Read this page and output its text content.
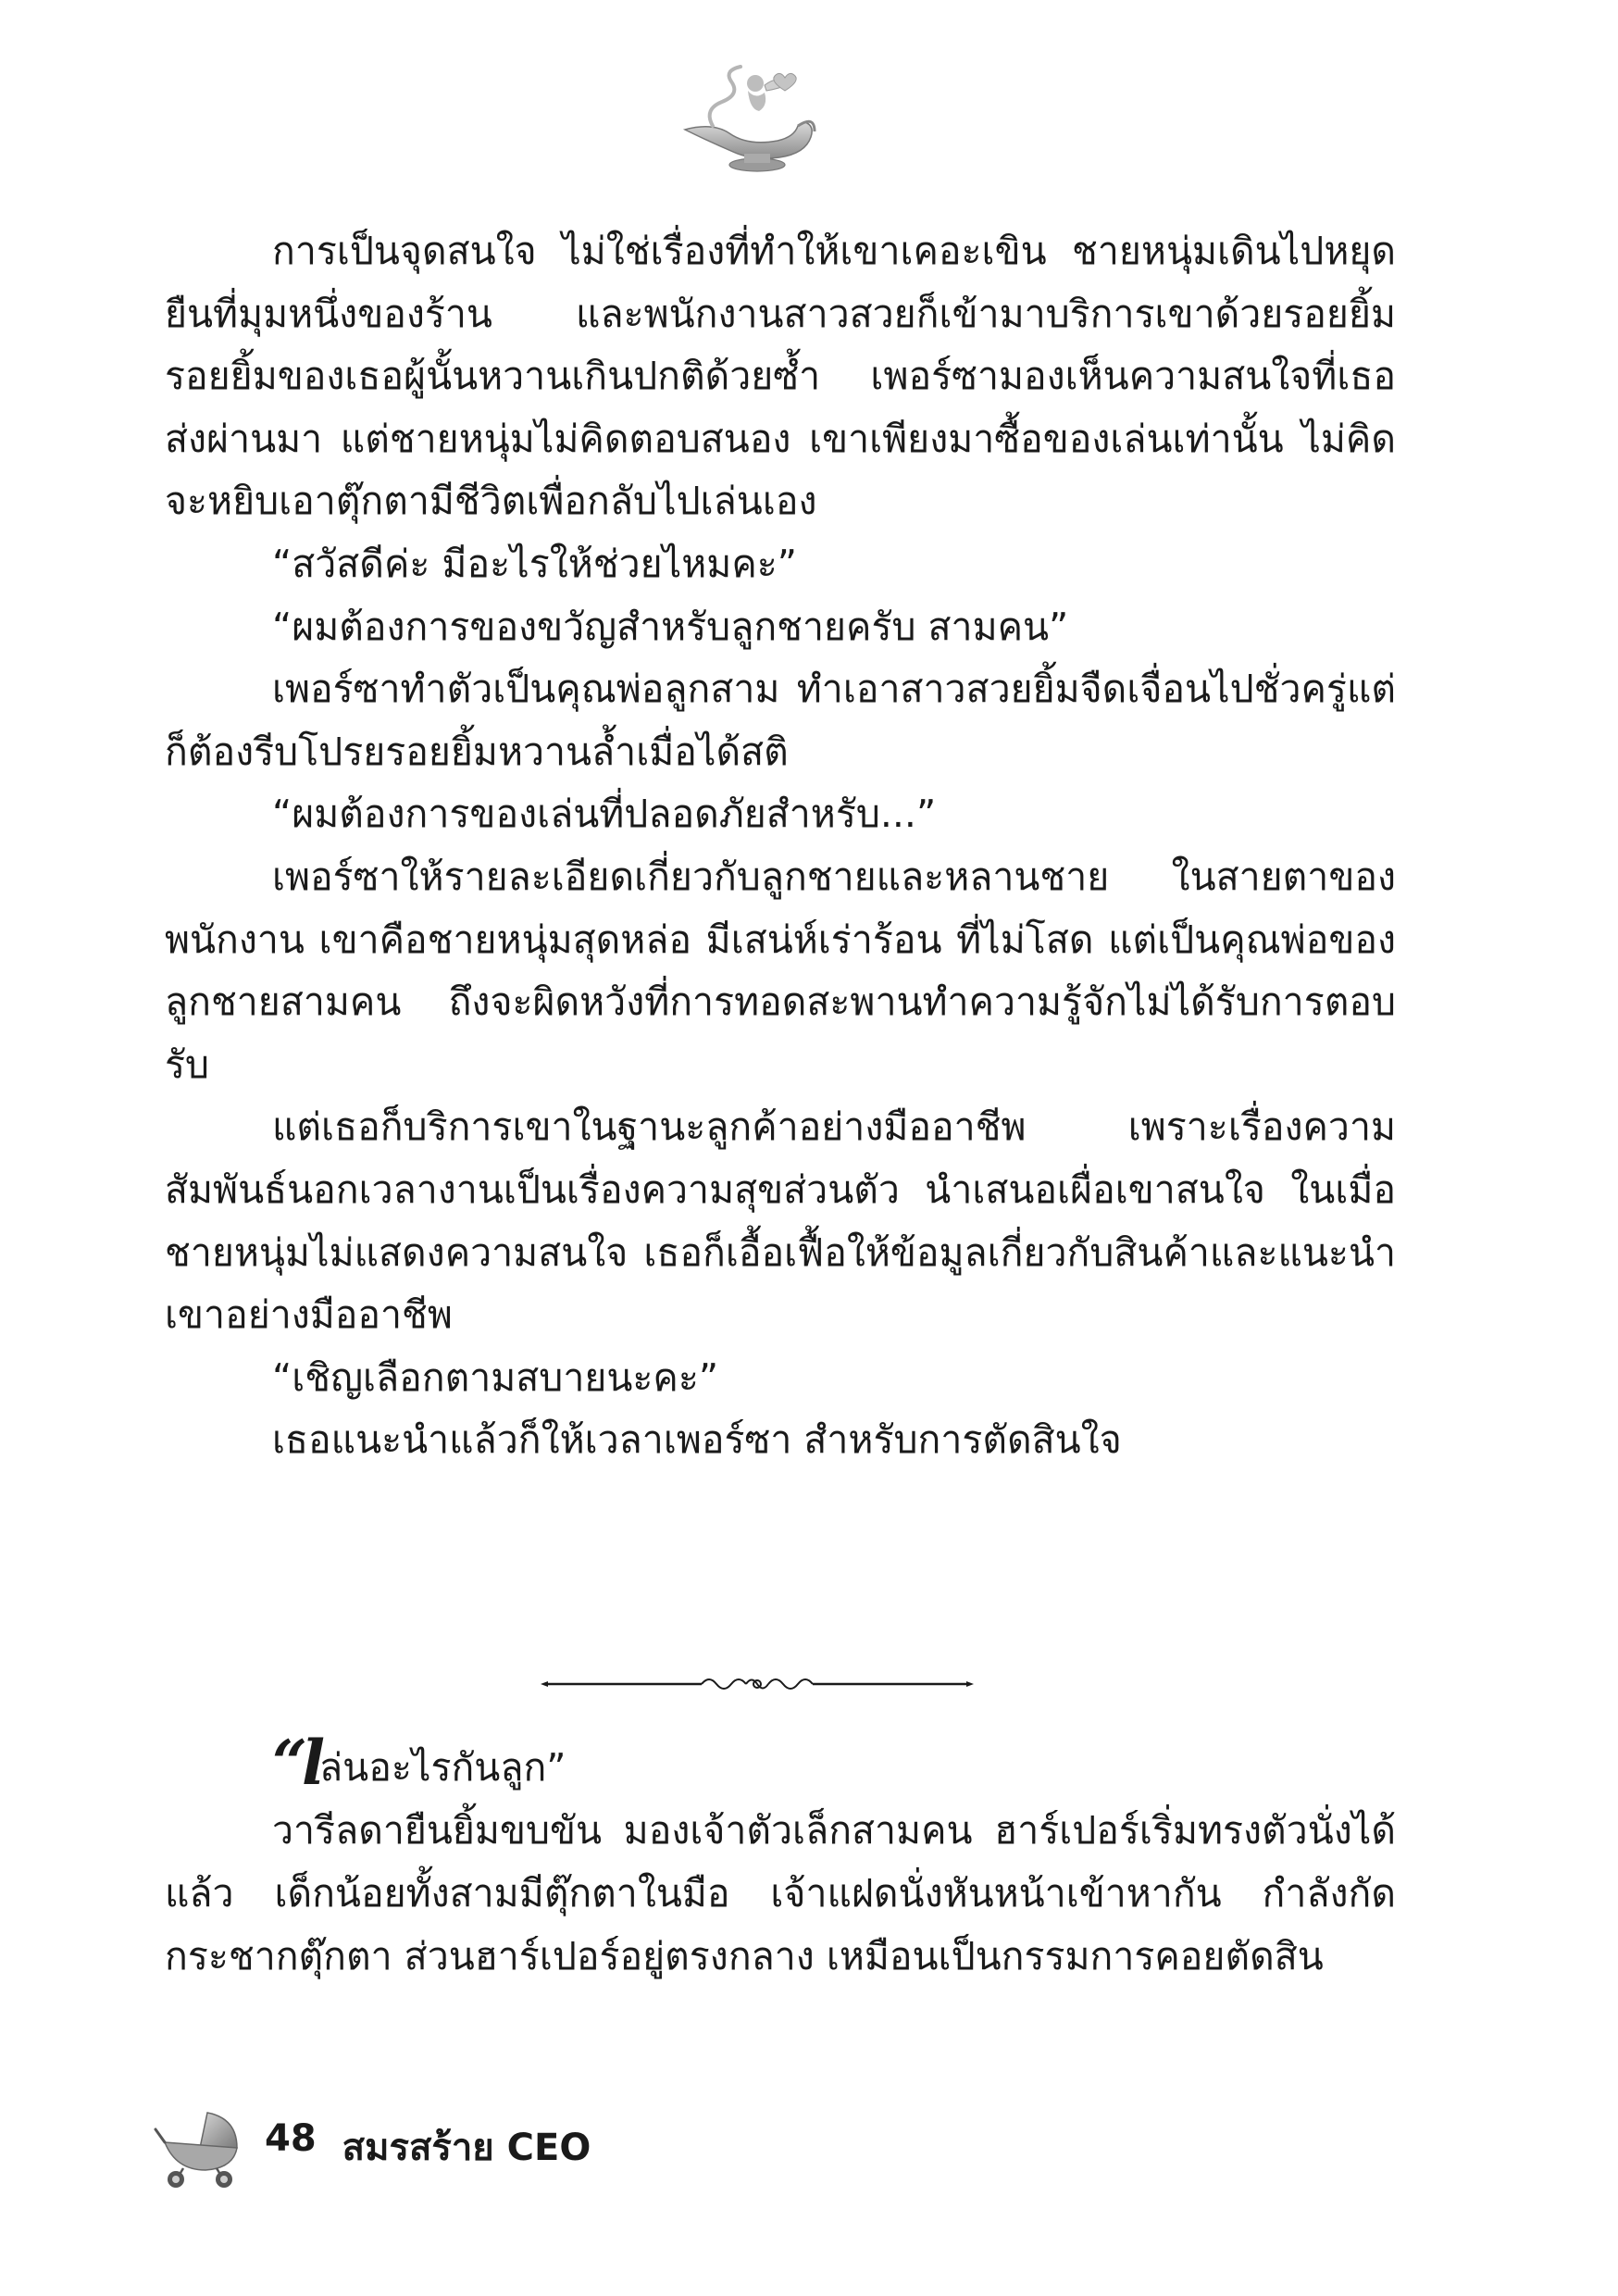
การเป็นจุดสนใจ ไม่ใช่เรื่องที่ทำให้เขาเคอะเขิน ชายหนุ่มเดินไปหยุดยืนที่มุมหนึ่งของร้าน และพนักงานสาวสวยก็เข้ามาบริการเขาด้วยรอยยิ้ม รอยยิ้มของเธอผู้นั้นหวานเกินปกติด้วยซ้ำ เพอร์ซามองเห็นความสนใจที่เธอส่งผ่านมา แต่ชายหนุ่มไม่คิดตอบสนอง เขาเพียงมาซื้อของเล่นเท่านั้น ไม่คิดจะหยิบเอาตุ๊กตามีชีวิตเพื่อกลับไปเล่นเอง

“สวัสดีค่ะ มีอะไรให้ช่วยไหมคะ”

“ผมต้องการของขวัญสำหรับลูกชายครับ สามคน”

เพอร์ซาทำตัวเป็นคุณพ่อลูกสาม ทำเอาสาวสวยยิ้มจืดเจื่อนไปชั่วครู่แต่ก็ต้องรีบโปรยรอยยิ้มหวานล้ำเมื่อได้สติ

“ผมต้องการของเล่นที่ปลอดภัยสำหรับ...”

เพอร์ซาให้รายละเอียดเกี่ยวกับลูกชายและหลานชาย ในสายตาของพนักงาน เขาคือชายหนุ่มสุดหล่อ มีเสน่ห์เร่าร้อน ที่ไม่โสด แต่เป็นคุณพ่อของลูกชายสามคน ถึงจะผิดหวังที่การทอดสะพานทำความรู้จักไม่ได้รับการตอบรับ

แต่เธอก็บริการเขาในฐานะลูกค้าอย่างมืออาชีพ เพราะเรื่องความสัมพันธ์นอกเวลางานเป็นเรื่องความสุขส่วนตัว นำเสนอเผื่อเขาสนใจ ในเมื่อชายหนุ่มไม่แสดงความสนใจ เธอก็เอื้อเฟื้อให้ข้อมูลเกี่ยวกับสินค้าและแนะนำเขาอย่างมืออาชีพ

“เชิญเลือกตามสบายนะคะ”

เธอแนะนำแล้วก็ให้เวลาเพอร์ซา สำหรับการตัดสินใจ

“lล่นอะไรกันลูก”

วารีลดายืนยิ้มขบขัน มองเจ้าตัวเล็กสามคน ฮาร์เปอร์เริ่มทรงตัวนั่งได้แล้ว เด็กน้อยทั้งสามมีตุ๊กตาในมือ เจ้าแฝดนั่งหันหน้าเข้าหากัน กำลังกัดกระชากตุ๊กตา ส่วนฮาร์เปอร์อยู่ตรงกลาง เหมือนเป็นกรรมการคอยตัดสิน

48 สมรสร้าย CEO
